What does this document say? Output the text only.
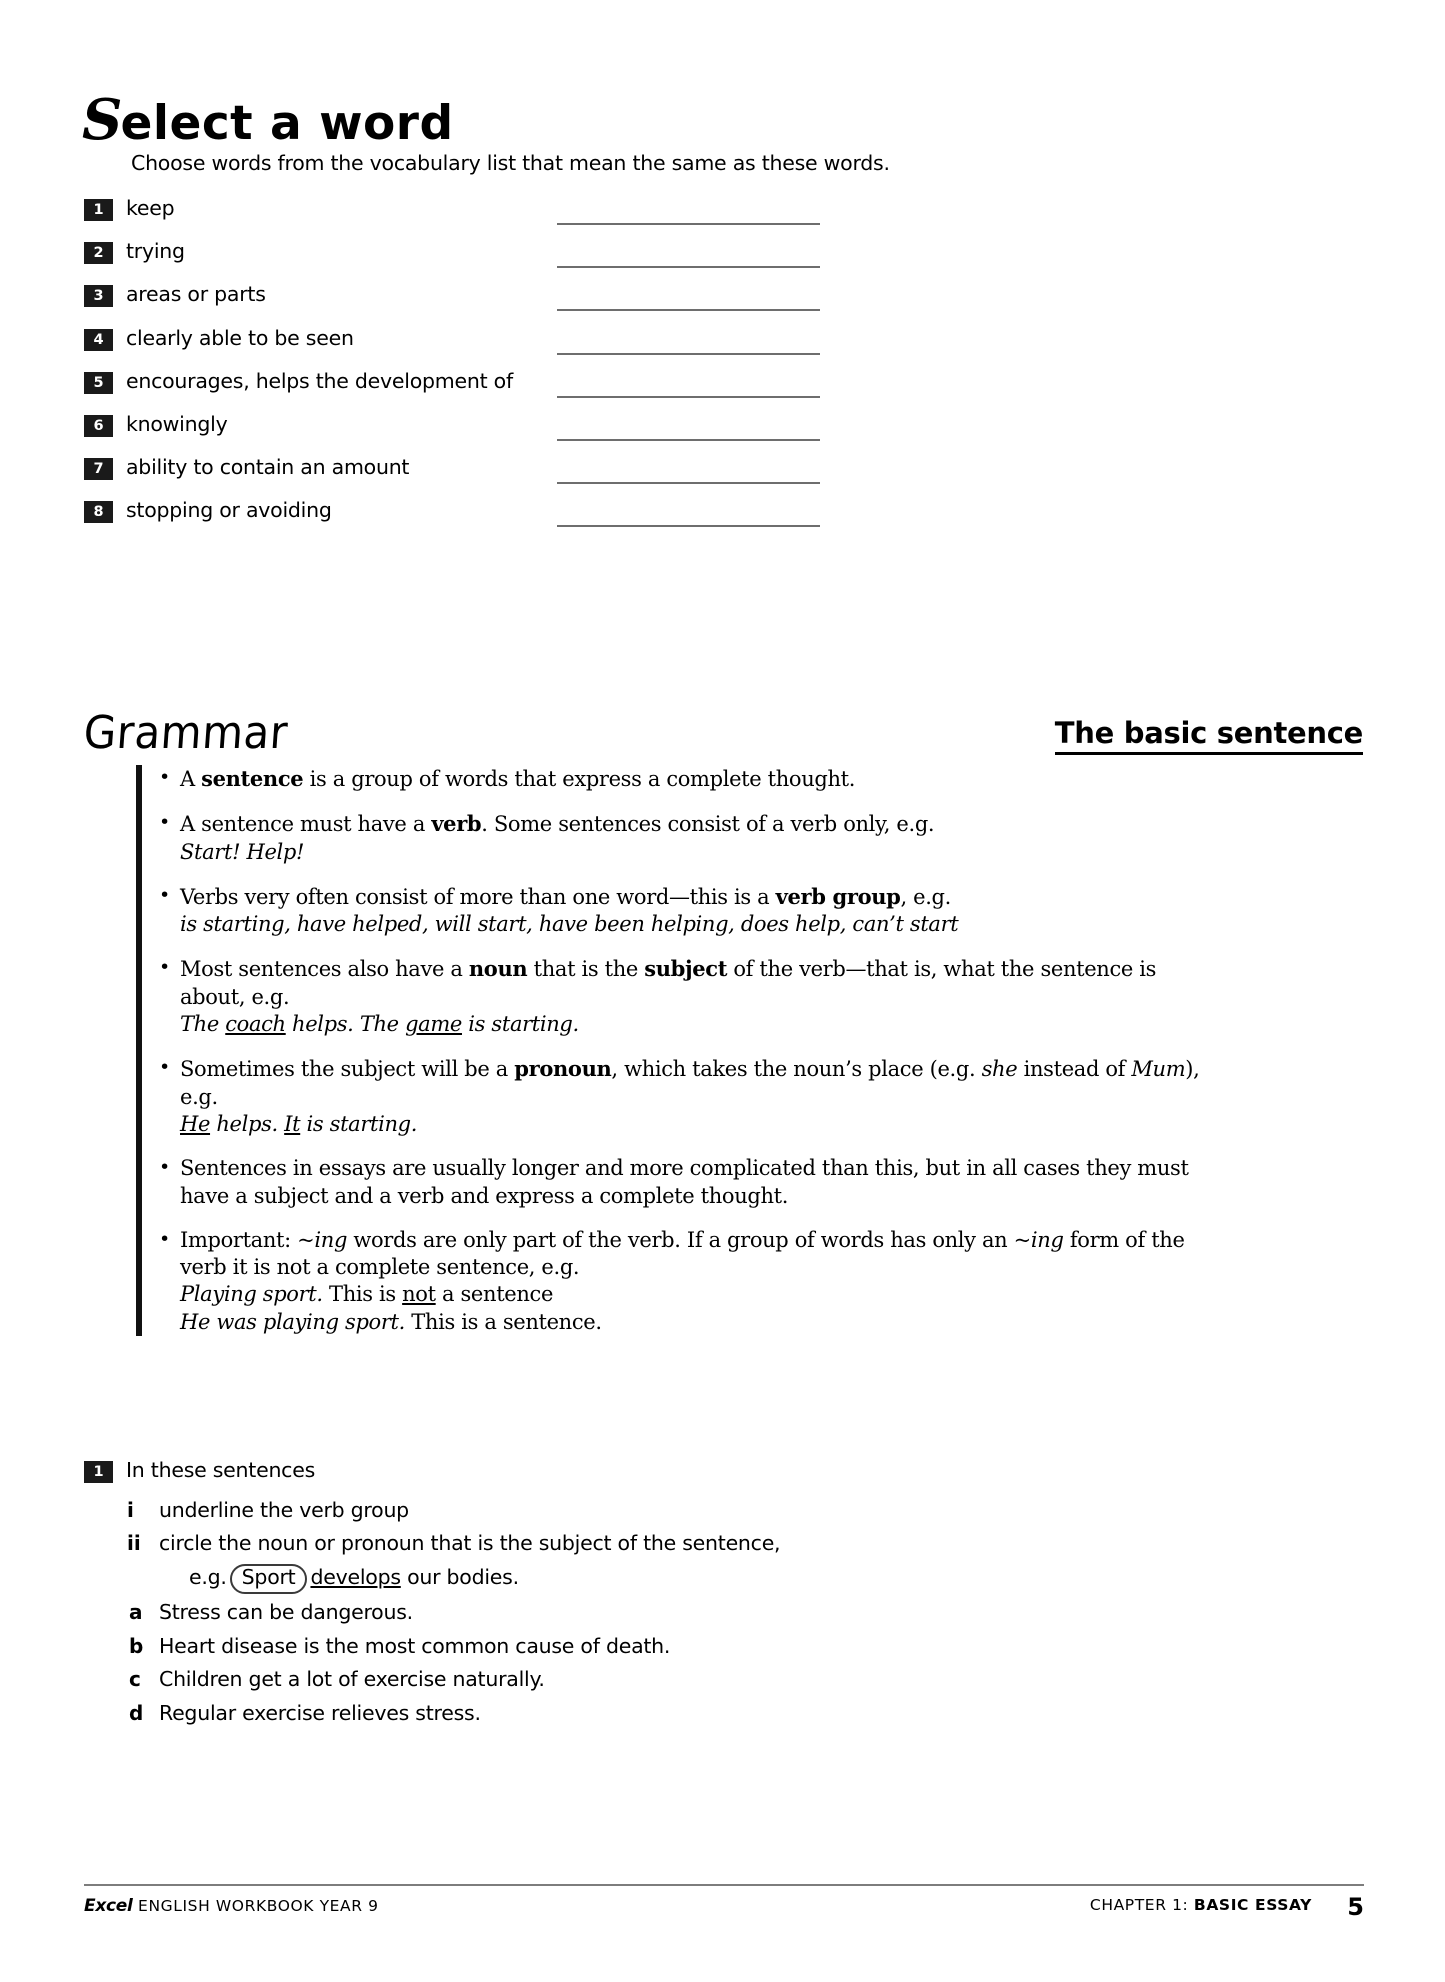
Select a word
Choose words from the vocabulary list that mean the same as these words.
1	keep
2	trying
3	areas or parts
4	clearly able to be seen
5	encourages, helps the development of
6	knowingly
7	ability to contain an amount
8	stopping or avoiding
Grammar	The basic sentence
• A sentence is a group of words that express a complete thought.
• A sentence must have a verb. Some sentences consist of a verb only, e.g.
Start! Help!
• Verbs very often consist of more than one word—this is a verb group, e.g.
is starting, have helped, will start, have been helping, does help, can’t start
• Most sentences also have a noun that is the subject of the verb—that is, what the sentence is about, e.g.
The coach helps. The game is starting.
• Sometimes the subject will be a pronoun, which takes the noun’s place (e.g. she instead of Mum), e.g.
He helps. It is starting.
• Sentences in essays are usually longer and more complicated than this, but in all cases they must have a subject and a verb and express a complete thought.
• Important: ~ing words are only part of the verb. If a group of words has only an ~ing form of the verb it is not a complete sentence, e.g.
Playing sport. This is not a sentence
He was playing sport. This is a sentence.
1	In these sentences
i underline the verb group
ii circle the noun or pronoun that is the subject of the sentence,
e.g. Sport develops
our bodies.
a Stress can be dangerous.
b Heart disease is the most common cause of death.
c Children get a lot of exercise naturally.
d Regular exercise relieves stress.
Excel ENGLISH WORKBOOK YEAR 9	CHAPTER 1: BASIC ESSAY 5
